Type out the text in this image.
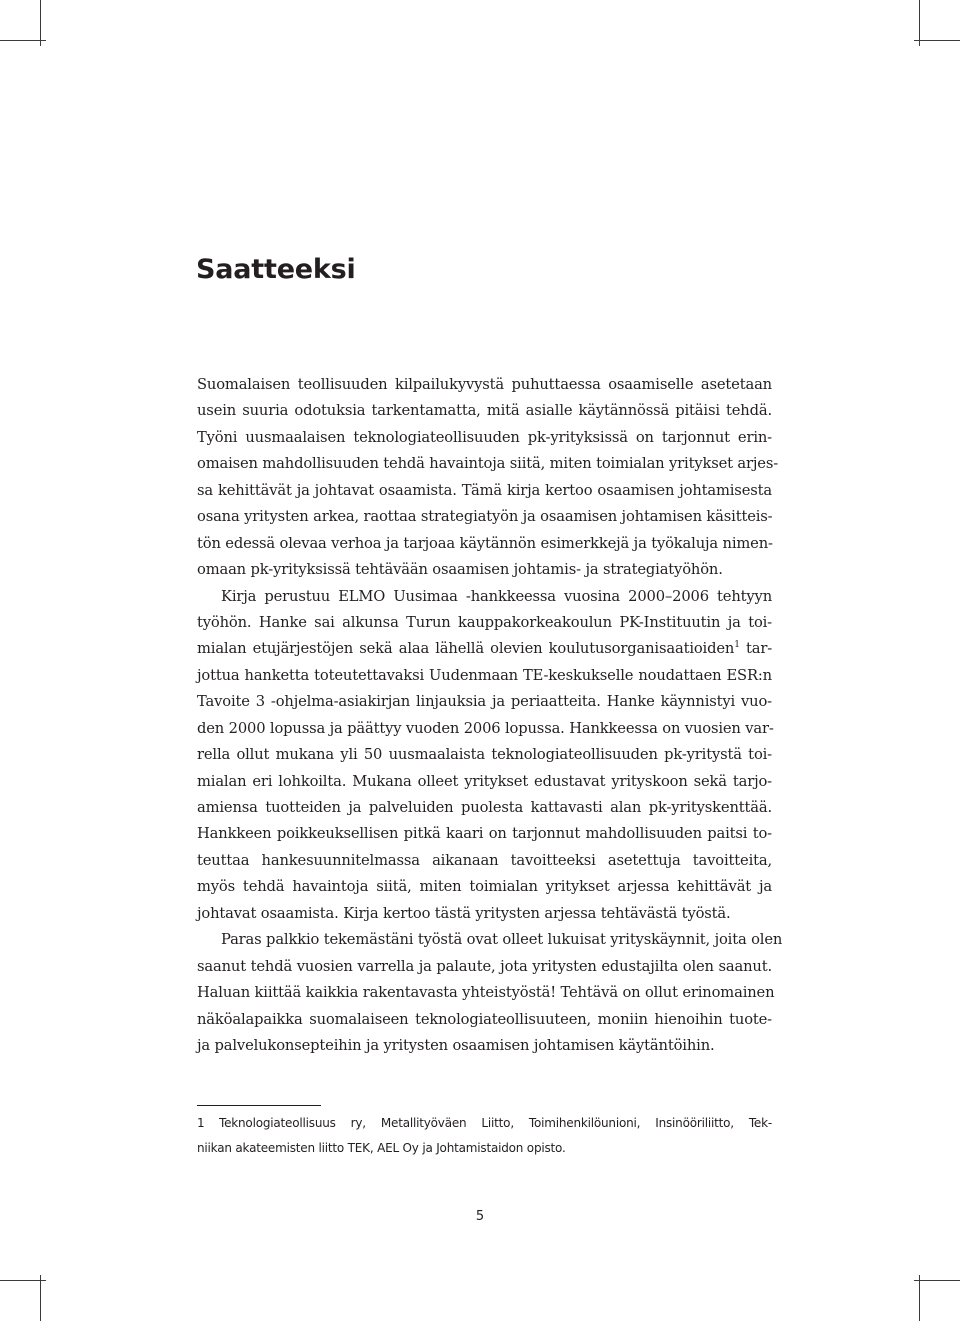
Saatteeksi
Suomalaisen teollisuuden kilpailukyvystä puhuttaessa osaamiselle asetetaan
usein suuria odotuksia tarkentamatta, mitä asialle käytännössä pitäisi tehdä.
Työni uusmaalaisen teknologiateollisuuden pk-yrityksissä on tarjonnut erin-
omaisen mahdollisuuden tehdä havaintoja siitä, miten toimialan yritykset arjes-
sa kehittävät ja johtavat osaamista. Tämä kirja kertoo osaamisen johtamisesta
osana yritysten arkea, raottaa strategiatyön ja osaamisen johtamisen käsitteis-
tön edessä olevaa verhoa ja tarjoaa käytännön esimerkkejä ja työkaluja nimen-
omaan pk-yrityksissä tehtävään osaamisen johtamis- ja strategiatyöhön.
Kirja perustuu ELMO Uusimaa -hankkeessa vuosina 2000–2006 tehtyyn
työhön. Hanke sai alkunsa Turun kauppakorkeakoulun PK-Instituutin ja toi-
mialan etujärjestöjen sekä alaa lähellä olevien koulutusorganisaatioiden$^1$ tar-
jottua hanketta toteutettavaksi Uudenmaan TE-keskukselle noudattaen ESR:n
Tavoite 3 -ohjelma-asiakirjan linjauksia ja periaatteita. Hanke käynnistyi vuo-
den 2000 lopussa ja päättyy vuoden 2006 lopussa. Hankkeessa on vuosien var-
rella ollut mukana yli 50 uusmaalaista teknologiateollisuuden pk-yritystä toi-
mialan eri lohkoilta. Mukana olleet yritykset edustavat yrityskoon sekä tarjo-
amiensa tuotteiden ja palveluiden puolesta kattavasti alan pk-yrityskenttää.
Hankkeen poikkeuksellisen pitkä kaari on tarjonnut mahdollisuuden paitsi to-
teuttaa hankesuunnitelmassa aikanaan tavoitteeksi asetettuja tavoitteita,
myös tehdä havaintoja siitä, miten toimialan yritykset arjessa kehittävät ja
johtavat osaamista. Kirja kertoo tästä yritysten arjessa tehtävästä työstä.
Paras palkkio tekemästäni työstä ovat olleet lukuisat yrityskäynnit, joita olen
saanut tehdä vuosien varrella ja palaute, jota yritysten edustajilta olen saanut.
Haluan kiittää kaikkia rakentavasta yhteistyöstä! Tehtävä on ollut erinomainen
näköalapaikka suomalaiseen teknologiateollisuuteen, moniin hienoihin tuote-
ja palvelukonsepteihin ja yritysten osaamisen johtamisen käytäntöihin.
1 Teknologiateollisuus ry, Metallityöväen Liitto, Toimihenkilöunioni, Insinööriliitto, Tek-
niikan akateemisten liitto TEK, AEL Oy ja Johtamistaidon opisto.
5
